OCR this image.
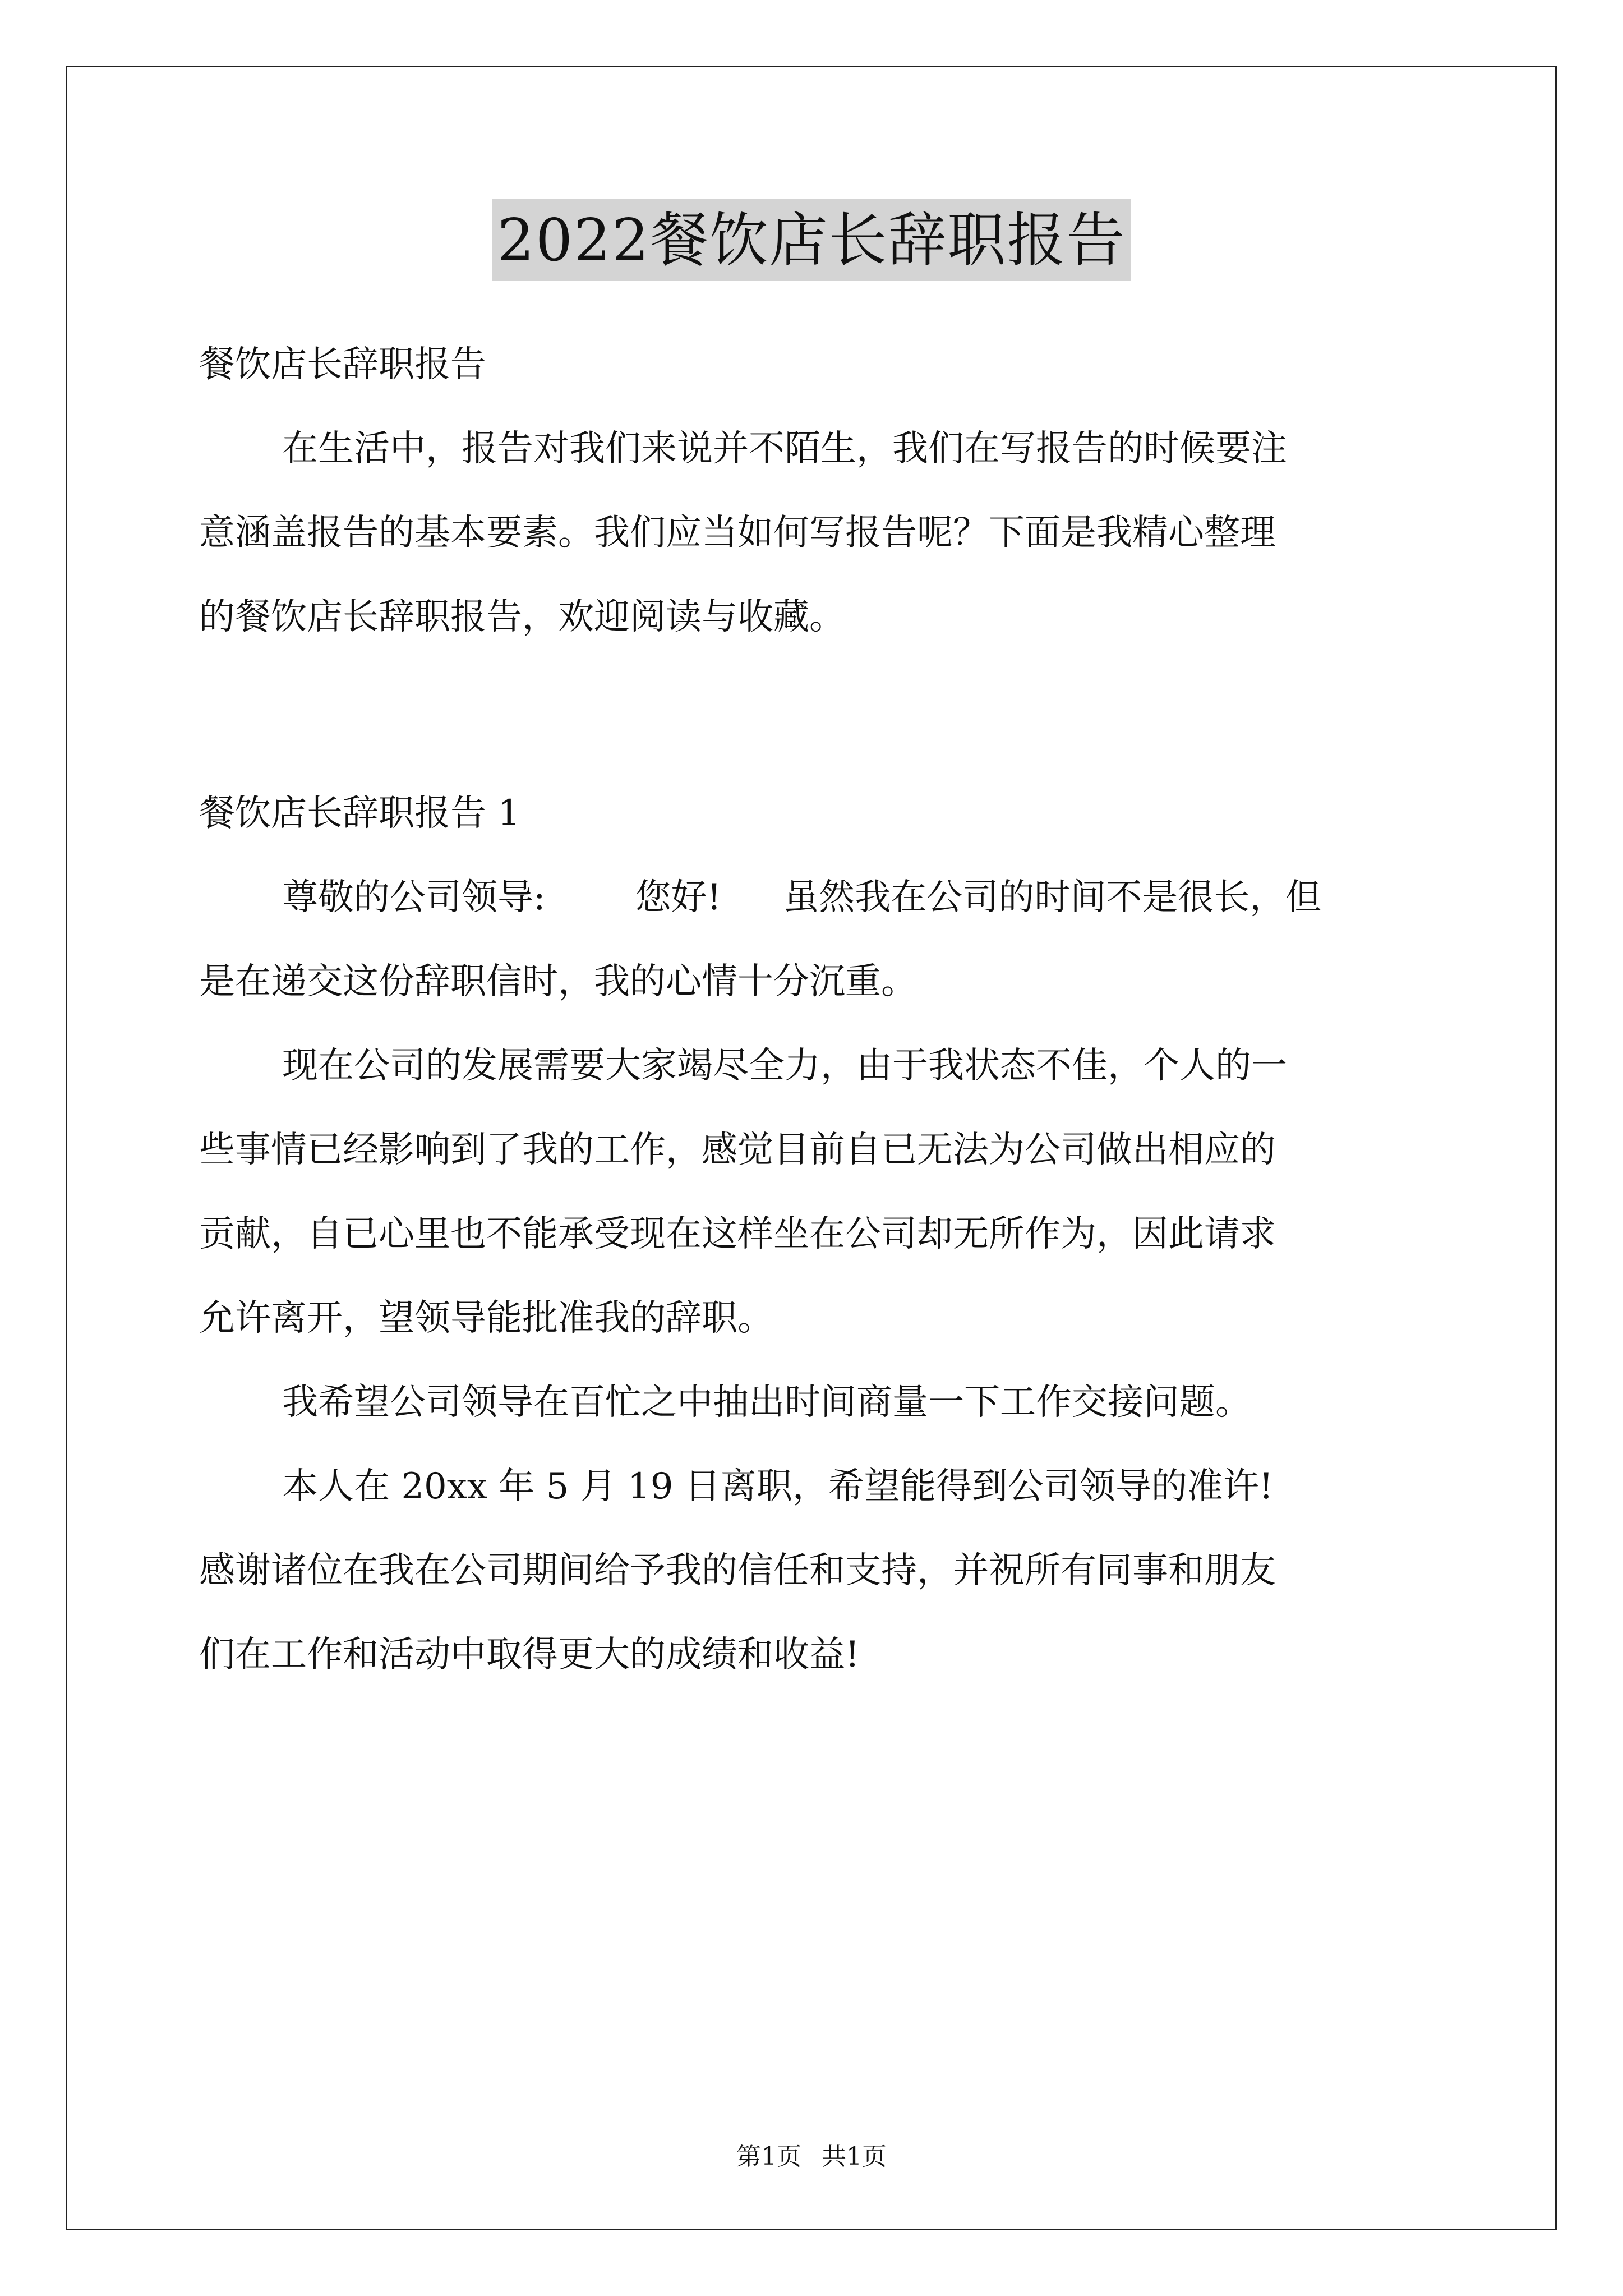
2022餐饮店长辞职报告
餐饮店长辞职报告
在生活中，报告对我们来说并不陌生，我们在写报告的时候要注
意涵盖报告的基本要素。我们应当如何写报告呢？下面是我精心整理
的餐饮店长辞职报告，欢迎阅读与收藏。
餐饮店长辞职报告 1
尊敬的公司领导:	您好! 虽然我在公司的时间不是很长，但
是在递交这份辞职信时，我的心情十分沉重。
现在公司的发展需要大家竭尽全力，由于我状态不佳，个人的一
些事情已经影响到了我的工作，感觉目前自已无法为公司做出相应的
贡献，自已心里也不能承受现在这样坐在公司却无所作为，因此请求
允许离开，望领导能批准我的辞职。
我希望公司领导在百忙之中抽出时间商量一下工作交接问题。
本人在 20xx 年 5 月 19 日离职，希望能得到公司领导的准许!
感谢诸位在我在公司期间给予我的信任和支持，并祝所有同事和朋友
们在工作和活动中取得更大的成绩和收益!
第1页 共1页
